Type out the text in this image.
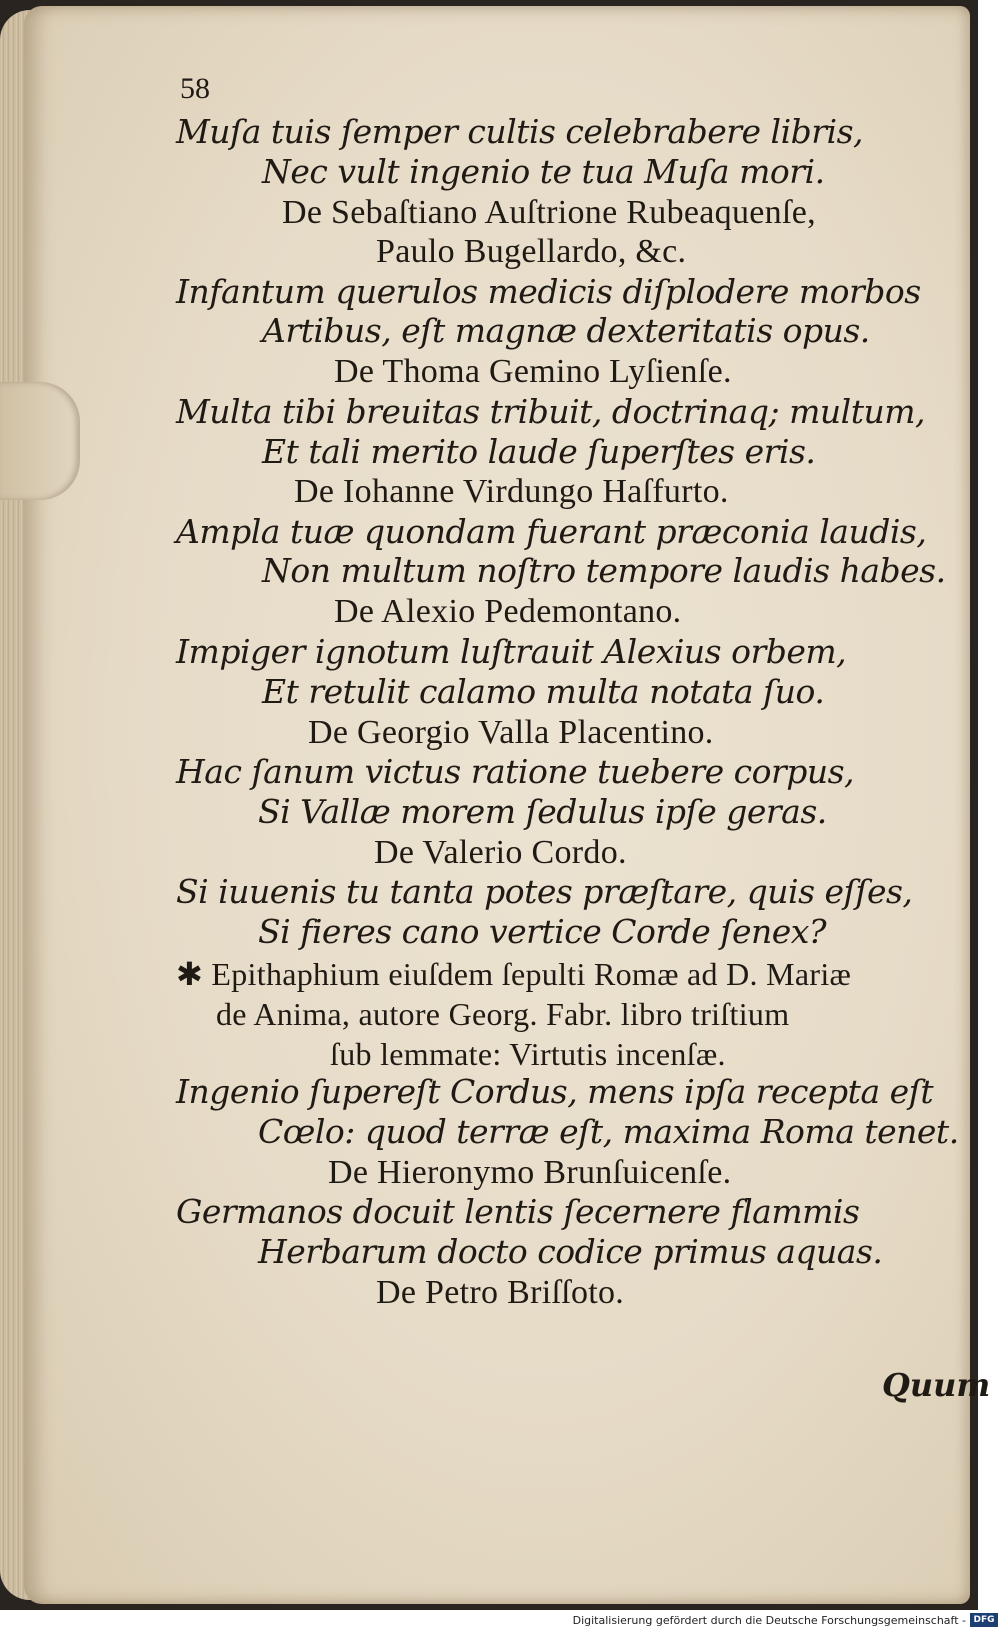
58
Muſa tuis ſemper cultis celebrabere libris,
Nec vult ingenio te tua Muſa mori.
De Sebaſtiano Auſtrione Rubeaquenſe,
Paulo Bugellardo, &c.
Infantum querulos medicis diſplodere morbos
Artibus, eſt magnæ dexteritatis opus.
De Thoma Gemino Lyſienſe.
Multa tibi breuitas tribuit, doctrinaq; multum,
Et tali merito laude ſuperſtes eris.
De Iohanne Virdungo Haſfurto.
Ampla tuæ quondam fuerant præconia laudis,
Non multum noſtro tempore laudis habes.
De Alexio Pedemontano.
Impiger ignotum luſtrauit Alexius orbem,
Et retulit calamo multa notata ſuo.
De Georgio Valla Placentino.
Hac ſanum victus ratione tuebere corpus,
Si Vallæ morem ſedulus ipſe geras.
De Valerio Cordo.
Si iuuenis tu tanta potes præſtare, quis eſſes,
Si fieres cano vertice Corde ſenex?
✱ Epithaphium eiuſdem ſepulti Romæ ad D. Mariæ
de Anima, autore Georg. Fabr. libro triſtium
ſub lemmate: Virtutis incenſæ.
Ingenio ſupereſt Cordus, mens ipſa recepta eſt
Cœlo: quod terræ eſt, maxima Roma tenet.
De Hieronymo Brunſuicenſe.
Germanos docuit lentis ſecernere flammis
Herbarum docto codice primus aquas.
De Petro Briſſoto.
Quum
Digitalisierung gefördert durch die Deutsche Forschungsgemeinschaft - DFG
